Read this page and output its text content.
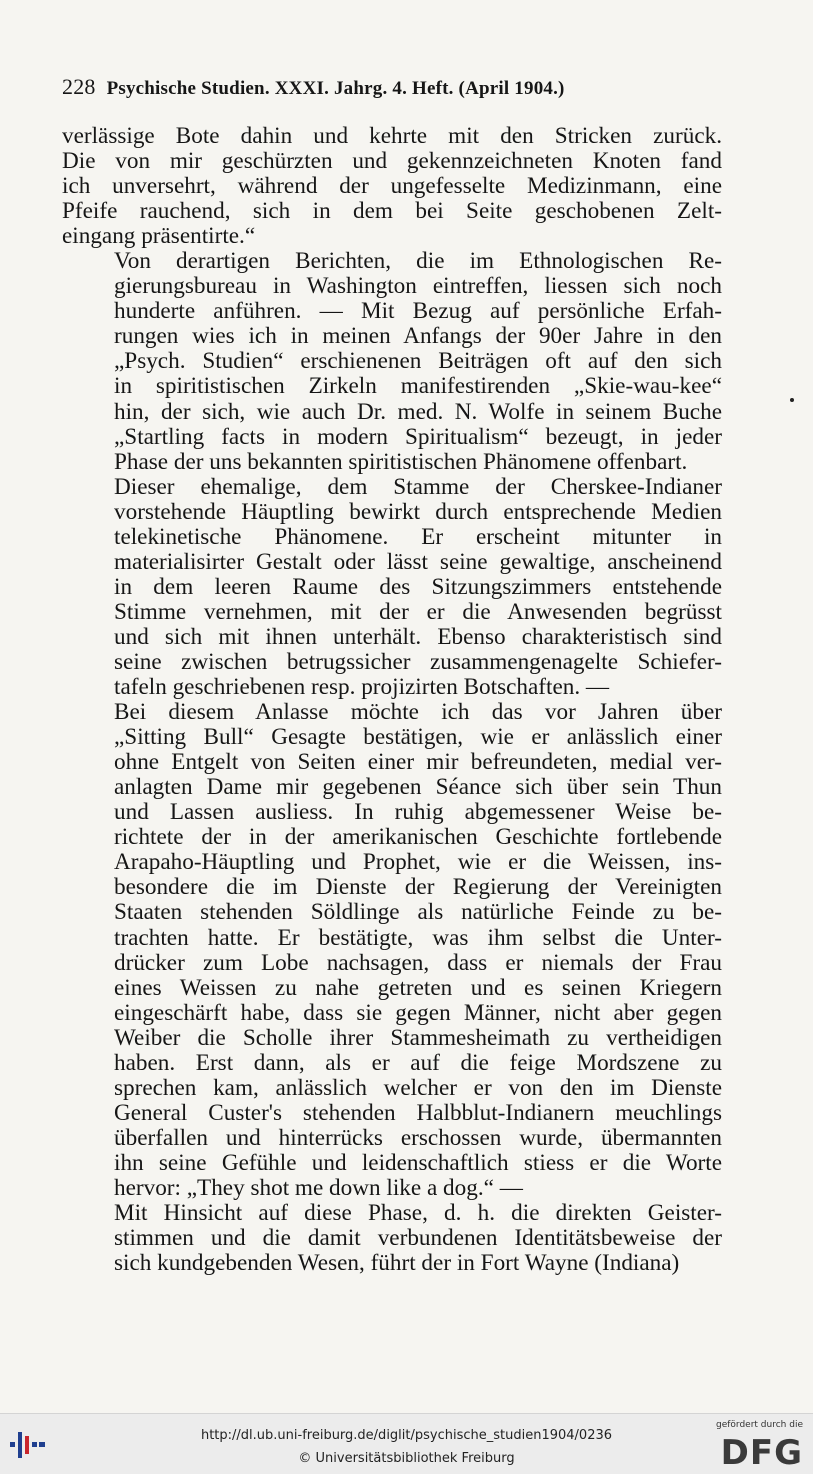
228 Psychische Studien. XXXI. Jahrg. 4. Heft. (April 1904.)

verlässige Bote dahin und kehrte mit den Stricken zurück.
Die von mir geschürzten und gekennzeichneten Knoten fand
ich unversehrt, während der ungefesselte Medizinmann, eine
Pfeife rauchend, sich in dem bei Seite geschobenen Zelt-
eingang präsentirte.“

Von derartigen Berichten, die im Ethnologischen Re-
gierungsbureau in Washington eintreffen, liessen sich noch
hunderte anführen. — Mit Bezug auf persönliche Erfah-
rungen wies ich in meinen Anfangs der 90er Jahre in den
„Psych. Studien“ erschienenen Beiträgen oft auf den sich
in spiritistischen Zirkeln manifestirenden „Skie-wau-kee“
hin, der sich, wie auch Dr. med. N. Wolfe in seinem Buche
„Startling facts in modern Spiritualism“ bezeugt, in jeder
Phase der uns bekannten spiritistischen Phänomene offenbart.

Dieser ehemalige, dem Stamme der Cherskee-Indianer
vorstehende Häuptling bewirkt durch entsprechende Medien
telekinetische Phänomene. Er erscheint mitunter in
materialisirter Gestalt oder lässt seine gewaltige, anscheinend
in dem leeren Raume des Sitzungszimmers entstehende
Stimme vernehmen, mit der er die Anwesenden begrüsst
und sich mit ihnen unterhält. Ebenso charakteristisch sind
seine zwischen betrugssicher zusammengenagelte Schiefer-
tafeln geschriebenen resp. projizirten Botschaften. —

Bei diesem Anlasse möchte ich das vor Jahren über
„Sitting Bull“ Gesagte bestätigen, wie er anlässlich einer
ohne Entgelt von Seiten einer mir befreundeten, medial ver-
anlagten Dame mir gegebenen Séance sich über sein Thun
und Lassen ausliess. In ruhig abgemessener Weise be-
richtete der in der amerikanischen Geschichte fortlebende
Arapaho-Häuptling und Prophet, wie er die Weissen, ins-
besondere die im Dienste der Regierung der Vereinigten
Staaten stehenden Söldlinge als natürliche Feinde zu be-
trachten hatte. Er bestätigte, was ihm selbst die Unter-
drücker zum Lobe nachsagen, dass er niemals der Frau
eines Weissen zu nahe getreten und es seinen Kriegern
eingeschärft habe, dass sie gegen Männer, nicht aber gegen
Weiber die Scholle ihrer Stammesheimath zu vertheidigen
haben. Erst dann, als er auf die feige Mordszene zu
sprechen kam, anlässlich welcher er von den im Dienste
General Custer's stehenden Halbblut-Indianern meuchlings
überfallen und hinterrücks erschossen wurde, übermannten
ihn seine Gefühle und leidenschaftlich stiess er die Worte
hervor: „They shot me down like a dog.“ —

Mit Hinsicht auf diese Phase, d. h. die direkten Geister-
stimmen und die damit verbundenen Identitätsbeweise der
sich kundgebenden Wesen, führt der in Fort Wayne (Indiana)

http://dl.ub.uni-freiburg.de/diglit/psychische_studien1904/0236
© Universitätsbibliothek Freiburg
gefördert durch die
DFG
